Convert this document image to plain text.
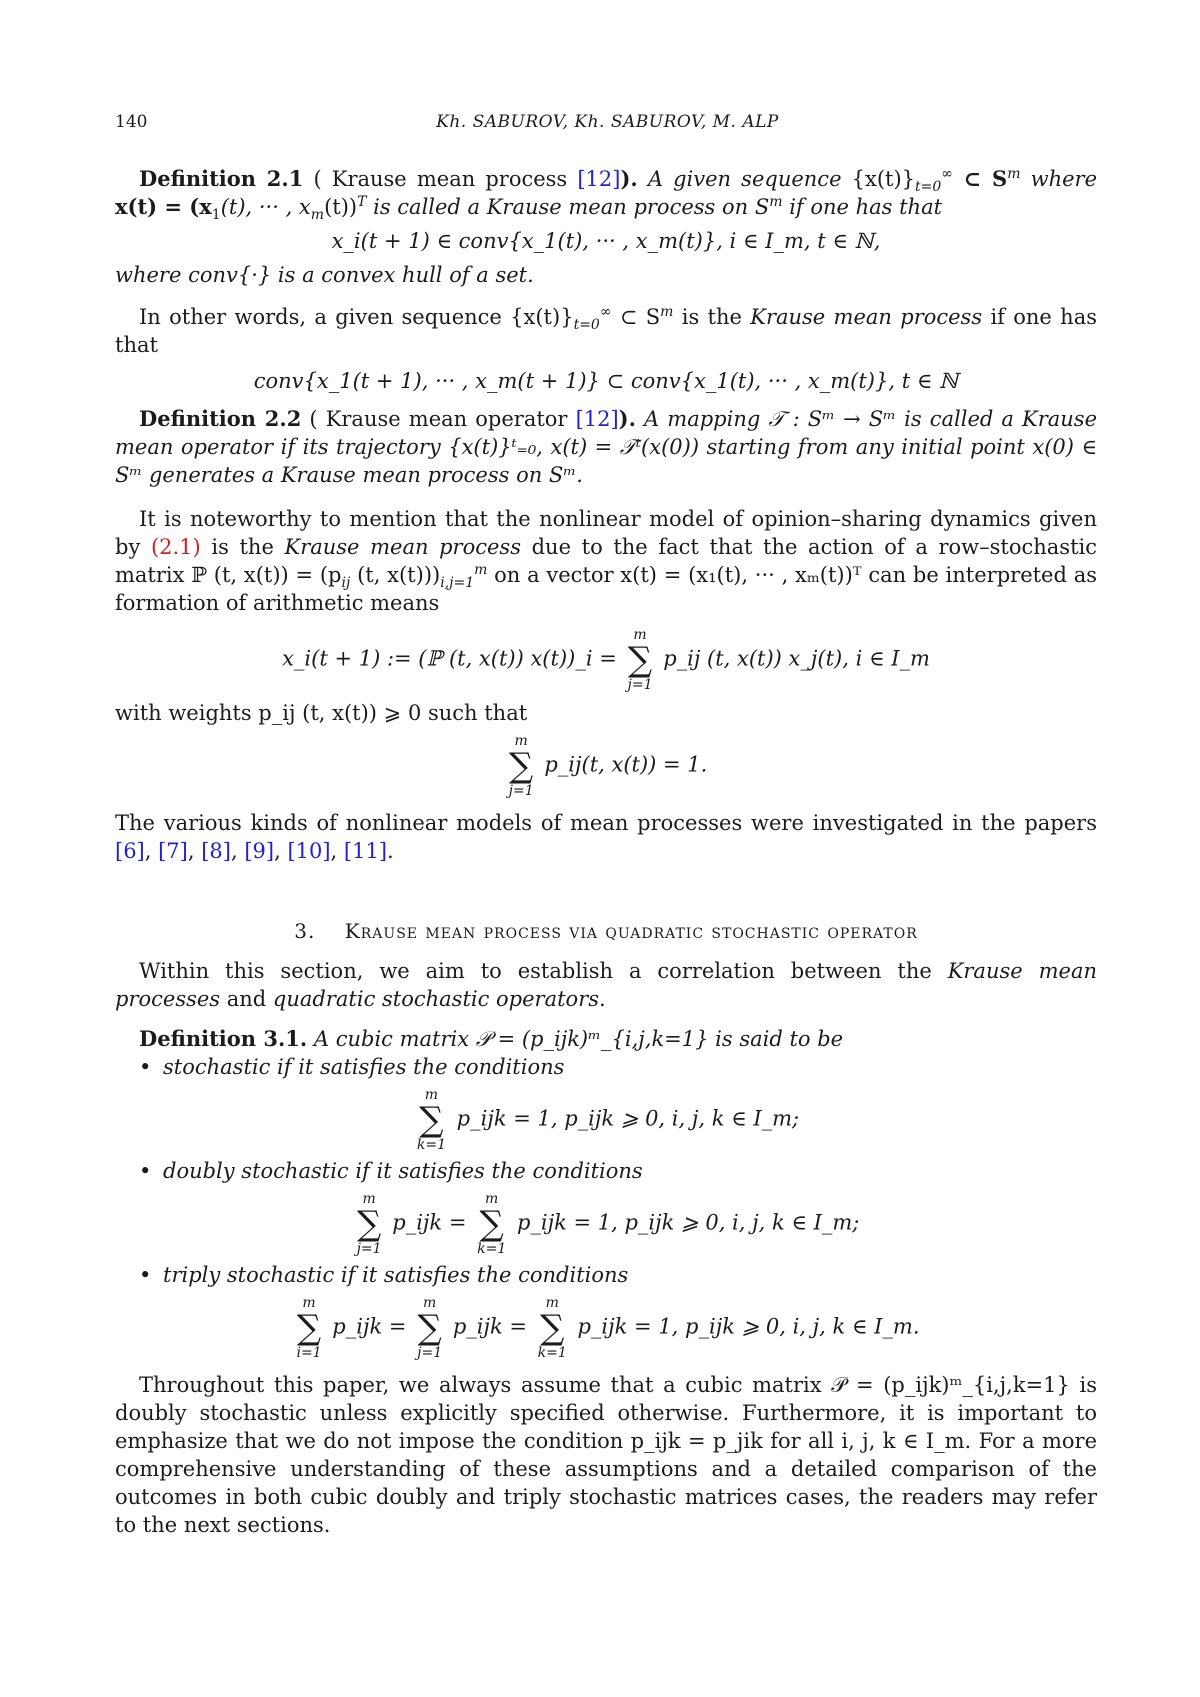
140	Kh. SABUROV, Kh. SABUROV, M. ALP

Definition 2.1 ( Krause mean process [12]). A given sequence $\{x(t)\}_{t=0}^\infty$ ⊂ $S^m$ where $x(t) = (x_1(t)$, ··· , $x_m(t))^T$ is called a Krause mean process on $S^m$ if one has that

x_i(t + 1) ∈ conv{x_1(t), ··· , x_m(t)}, i ∈ I_m, t ∈ ℕ,

where conv{·} is a convex hull of a set.

In other words, a given sequence $\{x(t)\}_{t=0}^\infty$ ⊂ $S^m$ is the Krause mean process if one has that

conv{x_1(t + 1), ··· , x_m(t + 1)} ⊂ conv{x_1(t), ··· , x_m(t)}, t ∈ ℕ

Definition 2.2 ( Krause mean operator [12]). A mapping 𝒯 : Sᵐ → Sᵐ is called a Krause mean operator if its trajectory {x(t)}ᵗ₌₀, x(t) = 𝒯ᵗ(x(0)) starting from any initial point x(0) ∈ Sᵐ generates a Krause mean process on Sᵐ.

It is noteworthy to mention that the nonlinear model of opinion–sharing dynamics given by (2.1) is the Krause mean process due to the fact that the action of a row–stochastic matrix ℙ (t, $x(t)) = (p_{ij}$ (t, $x(t)))_{i,j=1}^m$ on a vector x(t) = (x₁(t), ··· , xₘ(t))ᵀ can be interpreted as formation of arithmetic means

x_i(t + 1) := (ℙ (t, x(t)) x(t))_i =
m
∑
j=1
p_ij (t, x(t)) x_j(t), i ∈ I_m

with weights p_ij (t, x(t)) ⩾ 0 such that

m
∑
j=1
p_ij(t, x(t)) = 1.

The various kinds of nonlinear models of mean processes were investigated in the papers [6], [7], [8], [9], [10], [11].

3. Krause mean process via quadratic stochastic operator

Within this section, we aim to establish a correlation between the Krause mean processes and quadratic stochastic operators.

Definition 3.1. A cubic matrix 𝒫 = (p_ijk)ᵐ_{i,j,k=1} is said to be

• stochastic if it satisfies the conditions
m
∑
k=1
p_ijk = 1, p_ijk ⩾ 0, i, j, k ∈ I_m;
• doubly stochastic if it satisfies the conditions
m
∑
j=1
p_ijk =
m
∑
k=1
p_ijk = 1, p_ijk ⩾ 0, i, j, k ∈ I_m;
• triply stochastic if it satisfies the conditions
m
∑
i=1
p_ijk =
m
∑
j=1
p_ijk =
m
∑
k=1
p_ijk = 1, p_ijk ⩾ 0, i, j, k ∈ I_m.

Throughout this paper, we always assume that a cubic matrix 𝒫 = (p_ijk)ᵐ_{i,j,k=1} is doubly stochastic unless explicitly specified otherwise. Furthermore, it is important to emphasize that we do not impose the condition p_ijk = p_jik for all i, j, k ∈ I_m. For a more comprehensive understanding of these assumptions and a detailed comparison of the outcomes in both cubic doubly and triply stochastic matrices cases, the readers may refer to the next sections.
